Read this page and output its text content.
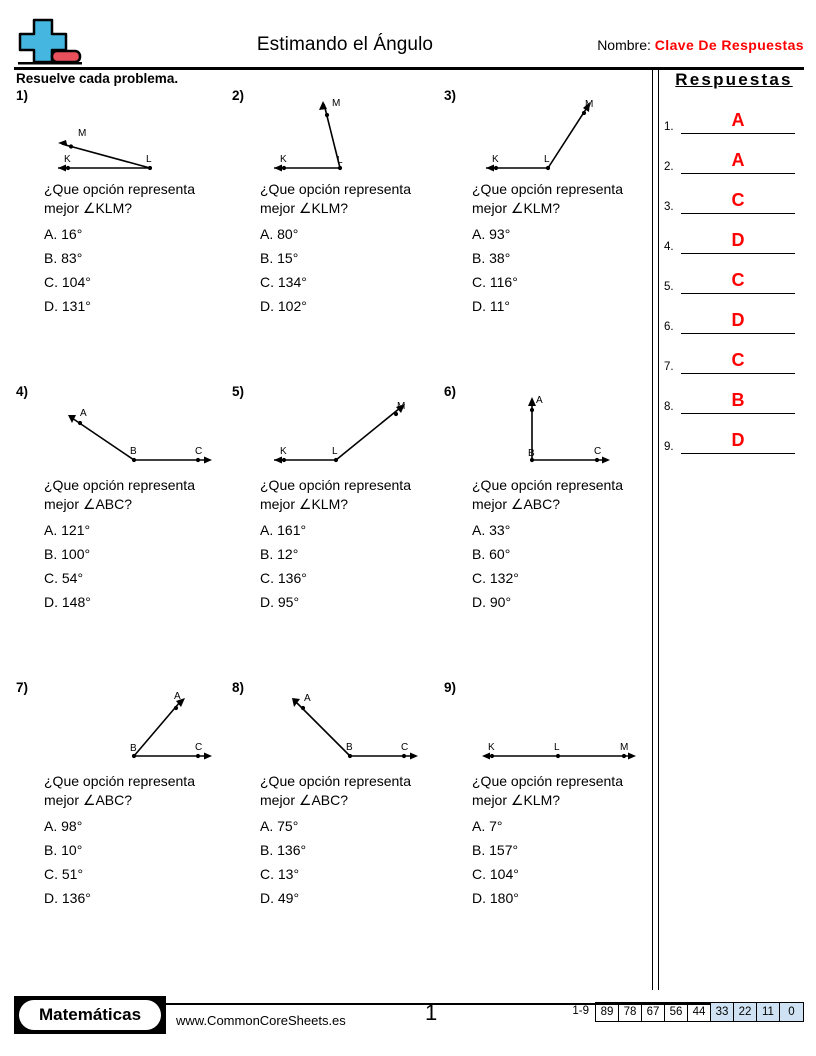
Estimando el Ángulo	Nombre: Clave De Respuestas
Resuelve cada problema.
1)
L
K
M
¿Que opción representa mejor ∠KLM?
A. 16°
B. 83°
C. 104°
D. 131°
2)
L
K
M
¿Que opción representa mejor ∠KLM?
A. 80°
B. 15°
C. 134°
D. 102°
3)
L
K
M
¿Que opción representa mejor ∠KLM?
A. 93°
B. 38°
C. 116°
D. 11°
4)
B	C
A
¿Que opción representa mejor ∠ABC?
A. 121°
B. 100°
C. 54°
D. 148°
5)
L
K
M
¿Que opción representa mejor ∠KLM?
A. 161°
B. 12°
C. 136°
D. 95°
6)
B	C
A
¿Que opción representa mejor ∠ABC?
A. 33°
B. 60°
C. 132°
D. 90°
7)
B	C
A
¿Que opción representa mejor ∠ABC?
A. 98°
B. 10°
C. 51°
D. 136°
8)
B	C
A
¿Que opción representa mejor ∠ABC?
A. 75°
B. 136°
C. 13°
D. 49°
9)
K	L	M
¿Que opción representa mejor ∠KLM?
A. 7°
B. 157°
C. 104°
D. 180°
Respuestas
1.	A
2.	A
3.	C
4.	D
5.	C
6.	D
7.	C
8.	B
9.	D
Matemáticas	www.CommonCoreSheets.es	1	1-9	89 78 67 56 44 33 22 11	0
